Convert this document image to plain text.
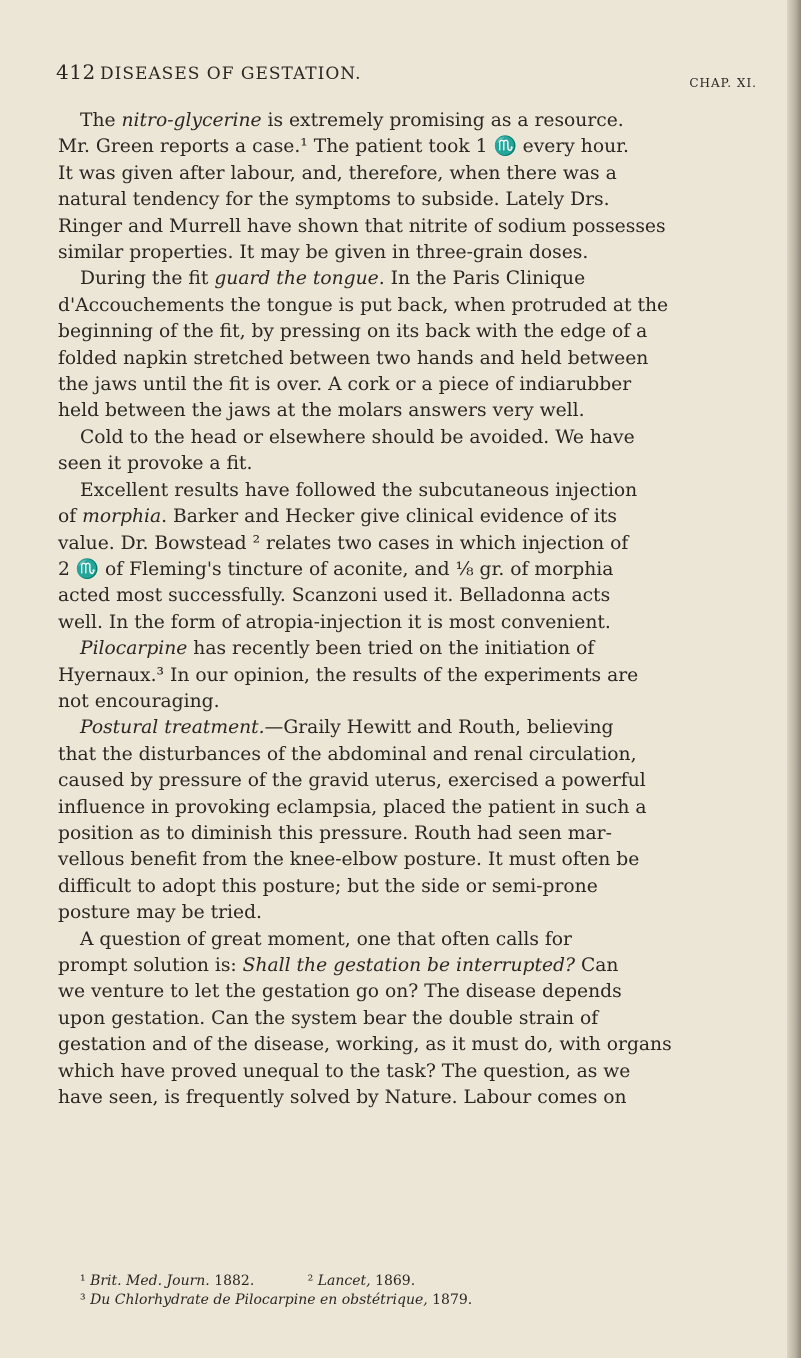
412 DISEASES OF GESTATION.	CHAP. XI.
The nitro-glycerine is extremely promising as a resource.
Mr. Green reports a case.¹ The patient took 1 ♏ every hour.
It was given after labour, and, therefore, when there was a
natural tendency for the symptoms to subside. Lately Drs.
Ringer and Murrell have shown that nitrite of sodium possesses
similar properties. It may be given in three-grain doses.
During the fit guard the tongue. In the Paris Clinique
d'Accouchements the tongue is put back, when protruded at the
beginning of the fit, by pressing on its back with the edge of a
folded napkin stretched between two hands and held between
the jaws until the fit is over. A cork or a piece of indiarubber
held between the jaws at the molars answers very well.
Cold to the head or elsewhere should be avoided. We have
seen it provoke a fit.
Excellent results have followed the subcutaneous injection
of morphia. Barker and Hecker give clinical evidence of its
value. Dr. Bowstead ² relates two cases in which injection of
2 ♏ of Fleming's tincture of aconite, and ⅛ gr. of morphia
acted most successfully. Scanzoni used it. Belladonna acts
well. In the form of atropia-injection it is most convenient.
Pilocarpine has recently been tried on the initiation of
Hyernaux.³ In our opinion, the results of the experiments are
not encouraging.
Postural treatment.—Graily Hewitt and Routh, believing
that the disturbances of the abdominal and renal circulation,
caused by pressure of the gravid uterus, exercised a powerful
influence in provoking eclampsia, placed the patient in such a
position as to diminish this pressure. Routh had seen mar-
vellous benefit from the knee-elbow posture. It must often be
difficult to adopt this posture; but the side or semi-prone
posture may be tried.
A question of great moment, one that often calls for
prompt solution is: Shall the gestation be interrupted? Can
we venture to let the gestation go on? The disease depends
upon gestation. Can the system bear the double strain of
gestation and of the disease, working, as it must do, with organs
which have proved unequal to the task? The question, as we
have seen, is frequently solved by Nature. Labour comes on
¹ Brit. Med. Journ. 1882.            ² Lancet, 1869.
³ Du Chlorhydrate de Pilocarpine en obstétrique, 1879.
